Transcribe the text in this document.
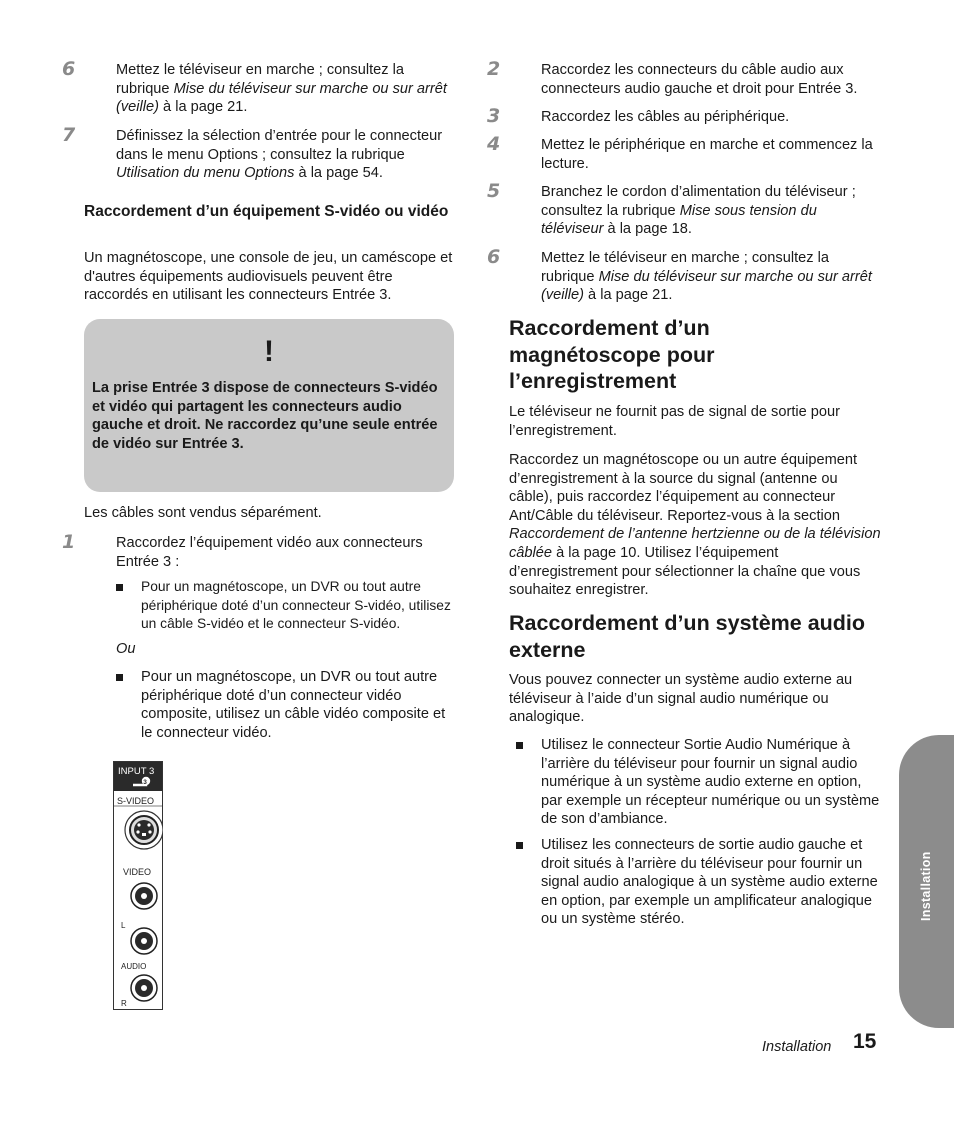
6	Mettez le téléviseur en marche ; consultez la rubrique Mise du téléviseur sur marche ou sur arrêt (veille) à la page 21.
7	Définissez la sélection d’entrée pour le connecteur dans le menu Options ; consultez la rubrique Utilisation du menu Options à la page 54.
Raccordement d’un équipement S-vidéo ou vidéo
Un magnétoscope, une console de jeu, un caméscope et d'autres équipements audiovisuels peuvent être raccordés en utilisant les connecteurs Entrée 3.
!
La prise Entrée 3 dispose de connecteurs S-vidéo et vidéo qui partagent les connecteurs audio gauche et droit. Ne raccordez qu’une seule entrée de vidéo sur Entrée 3.
Les câbles sont vendus séparément.
1	Raccordez l’équipement vidéo aux connecteurs Entrée 3 :
Pour un magnétoscope, un DVR ou tout autre périphérique doté d’un connecteur S-vidéo, utilisez un câble S-vidéo et le connecteur S-vidéo.
Ou
Pour un magnétoscope, un DVR ou tout autre périphérique doté d’un connecteur vidéo composite, utilisez un câble vidéo composite et le connecteur vidéo.
INPUT 3
3
S-VIDEO
VIDEO
L
AUDIO
R
2	Raccordez les connecteurs du câble audio aux connecteurs audio gauche et droit pour Entrée 3.
3	Raccordez les câbles au périphérique.
4	Mettez le périphérique en marche et commencez la lecture.
5	Branchez le cordon d’alimentation du téléviseur ; consultez la rubrique Mise sous tension du téléviseur à la page 18.
6	Mettez le téléviseur en marche ; consultez la rubrique Mise du téléviseur sur marche ou sur arrêt (veille) à la page 21.
Raccordement d’un magnétoscope pour l’enregistrement
Le téléviseur ne fournit pas de signal de sortie pour l’enregistrement.
Raccordez un magnétoscope ou un autre équipement d’enregistrement à la source du signal (antenne ou câble), puis raccordez l’équipement au connecteur Ant/Câble du téléviseur. Reportez-vous à la section Raccordement de l’antenne hertzienne ou de la télévision câblée à la page 10. Utilisez l’équipement d’enregistrement pour sélectionner la chaîne que vous souhaitez enregistrer.
Raccordement d’un système audio externe
Vous pouvez connecter un système audio externe au téléviseur à l’aide d’un signal audio numérique ou analogique.
Utilisez le connecteur Sortie Audio Numérique à l’arrière du téléviseur pour fournir un signal audio numérique à un système audio externe en option, par exemple un récepteur numérique ou un système de son d’ambiance.
Utilisez les connecteurs de sortie audio gauche et droit situés à l’arrière du téléviseur pour fournir un signal audio analogique à un système audio externe en option, par exemple un amplificateur analogique ou un système stéréo.	Installation
Installation 15
